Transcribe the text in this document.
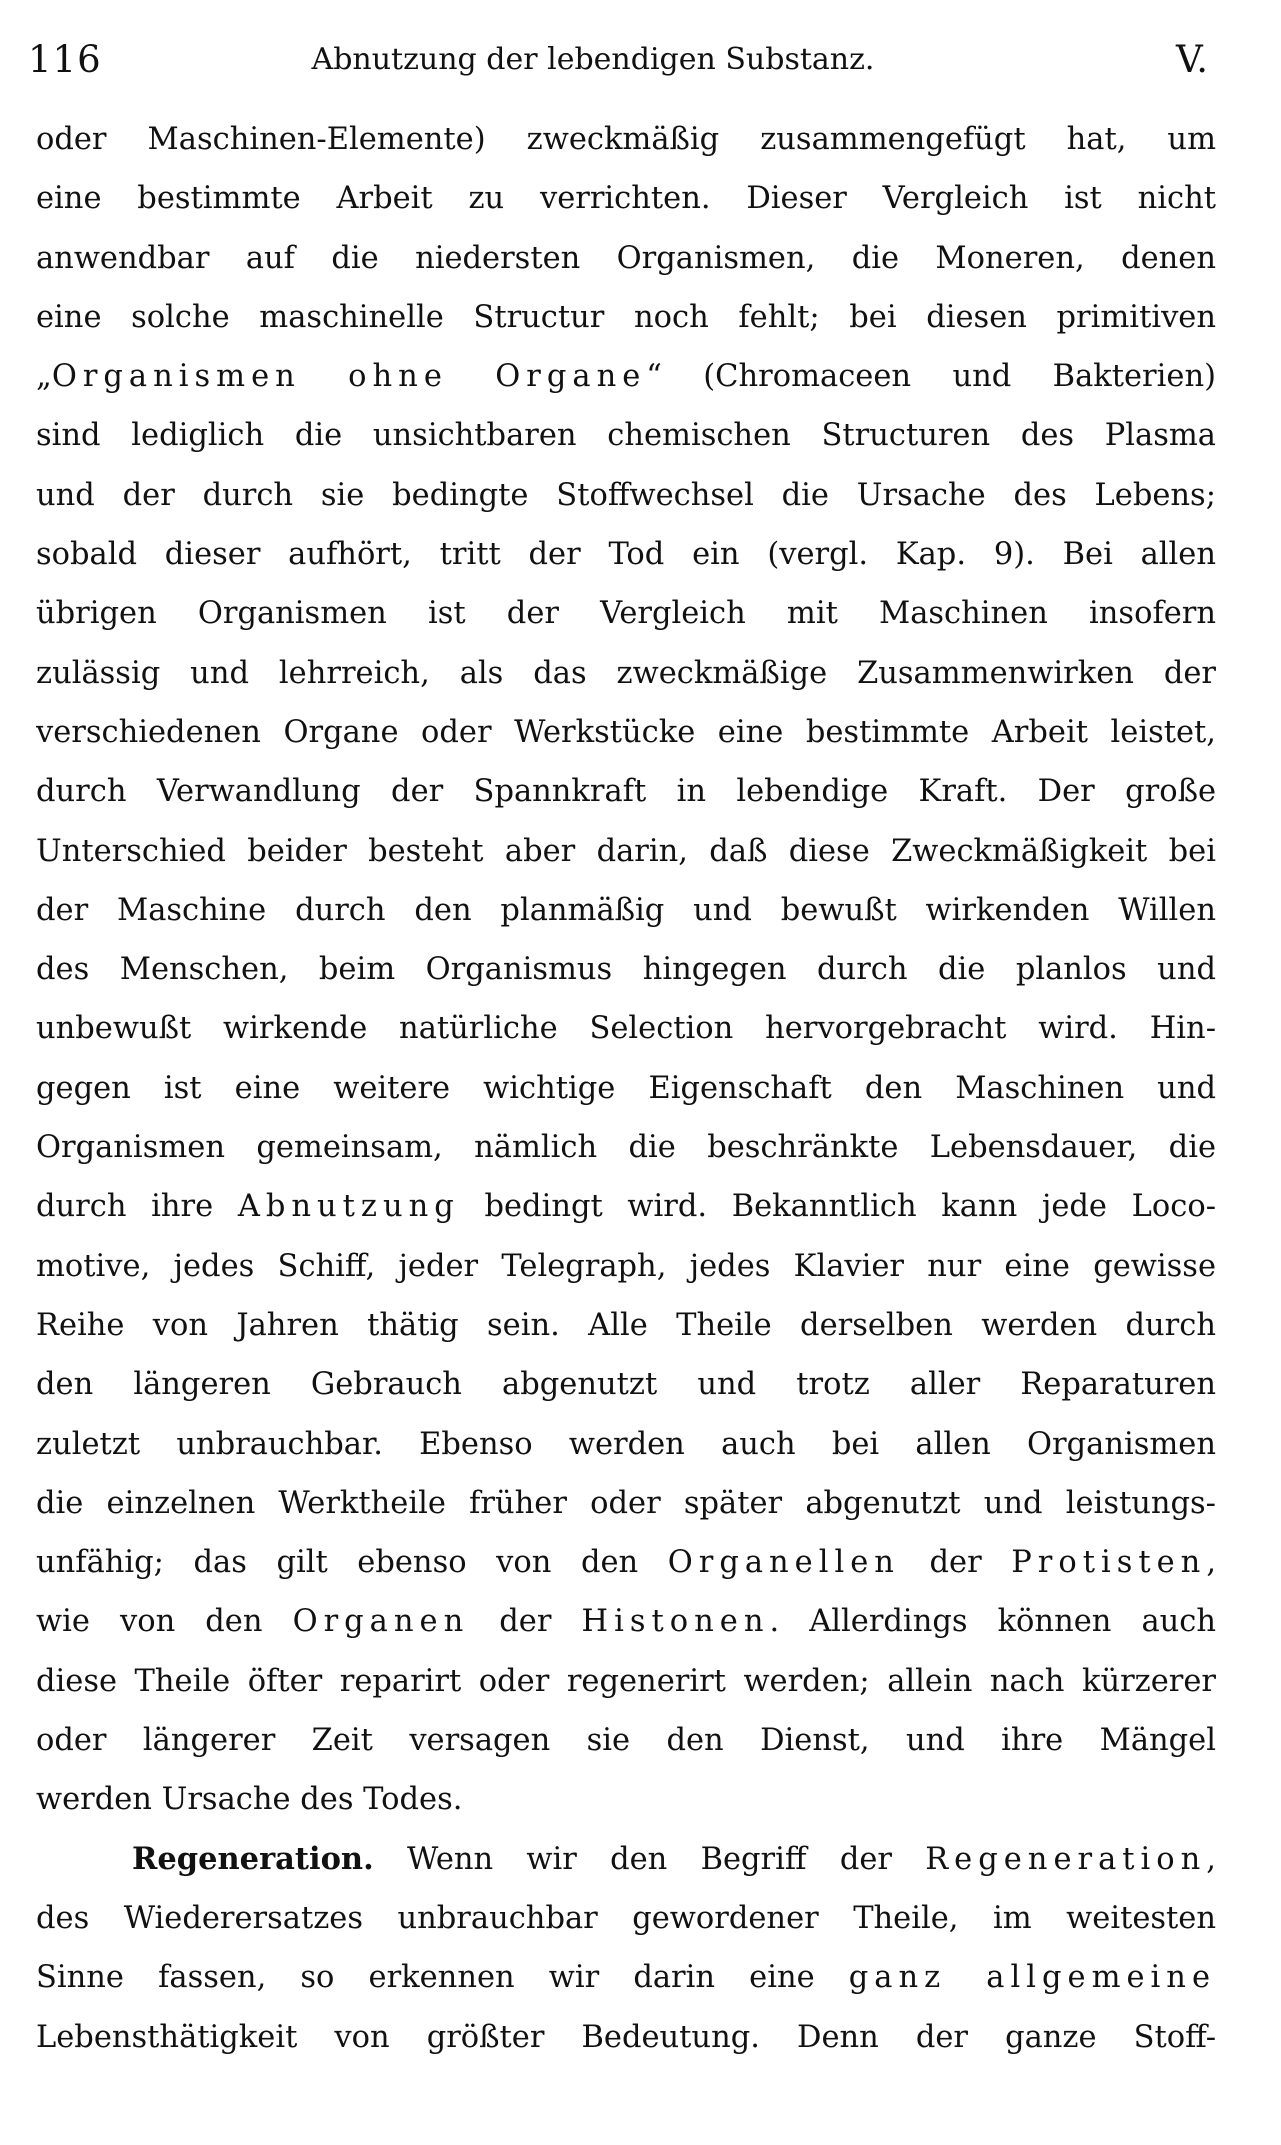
116	Abnutzung der lebendigen Substanz.	V.
oder Maschinen-Elemente) zweckmäßig zusammengefügt hat, um
eine bestimmte Arbeit zu verrichten. Dieser Vergleich ist nicht
anwendbar auf die niedersten Organismen, die Moneren, denen
eine solche maschinelle Structur noch fehlt; bei diesen primitiven
„Organismen ohne Organe“ (Chromaceen und Bakterien)
sind lediglich die unsichtbaren chemischen Structuren des Plasma
und der durch sie bedingte Stoffwechsel die Ursache des Lebens;
sobald dieser aufhört, tritt der Tod ein (vergl. Kap. 9). Bei allen
übrigen Organismen ist der Vergleich mit Maschinen insofern
zulässig und lehrreich, als das zweckmäßige Zusammenwirken der
verschiedenen Organe oder Werkstücke eine bestimmte Arbeit leistet,
durch Verwandlung der Spannkraft in lebendige Kraft. Der große
Unterschied beider besteht aber darin, daß diese Zweckmäßigkeit bei
der Maschine durch den planmäßig und bewußt wirkenden Willen
des Menschen, beim Organismus hingegen durch die planlos und
unbewußt wirkende natürliche Selection hervorgebracht wird. Hin-
gegen ist eine weitere wichtige Eigenschaft den Maschinen und
Organismen gemeinsam, nämlich die beschränkte Lebensdauer, die
durch ihre Abnutzung bedingt wird. Bekanntlich kann jede Loco-
motive, jedes Schiff, jeder Telegraph, jedes Klavier nur eine gewisse
Reihe von Jahren thätig sein. Alle Theile derselben werden durch
den längeren Gebrauch abgenutzt und trotz aller Reparaturen
zuletzt unbrauchbar. Ebenso werden auch bei allen Organismen
die einzelnen Werktheile früher oder später abgenutzt und leistungs-
unfähig; das gilt ebenso von den Organellen der Protisten,
wie von den Organen der Histonen. Allerdings können auch
diese Theile öfter reparirt oder regenerirt werden; allein nach kürzerer
oder längerer Zeit versagen sie den Dienst, und ihre Mängel
werden Ursache des Todes.
Regeneration. Wenn wir den Begriff der Regeneration,
des Wiederersatzes unbrauchbar gewordener Theile, im weitesten
Sinne fassen, so erkennen wir darin eine ganz allgemeine
Lebensthätigkeit von größter Bedeutung. Denn der ganze Stoff-
